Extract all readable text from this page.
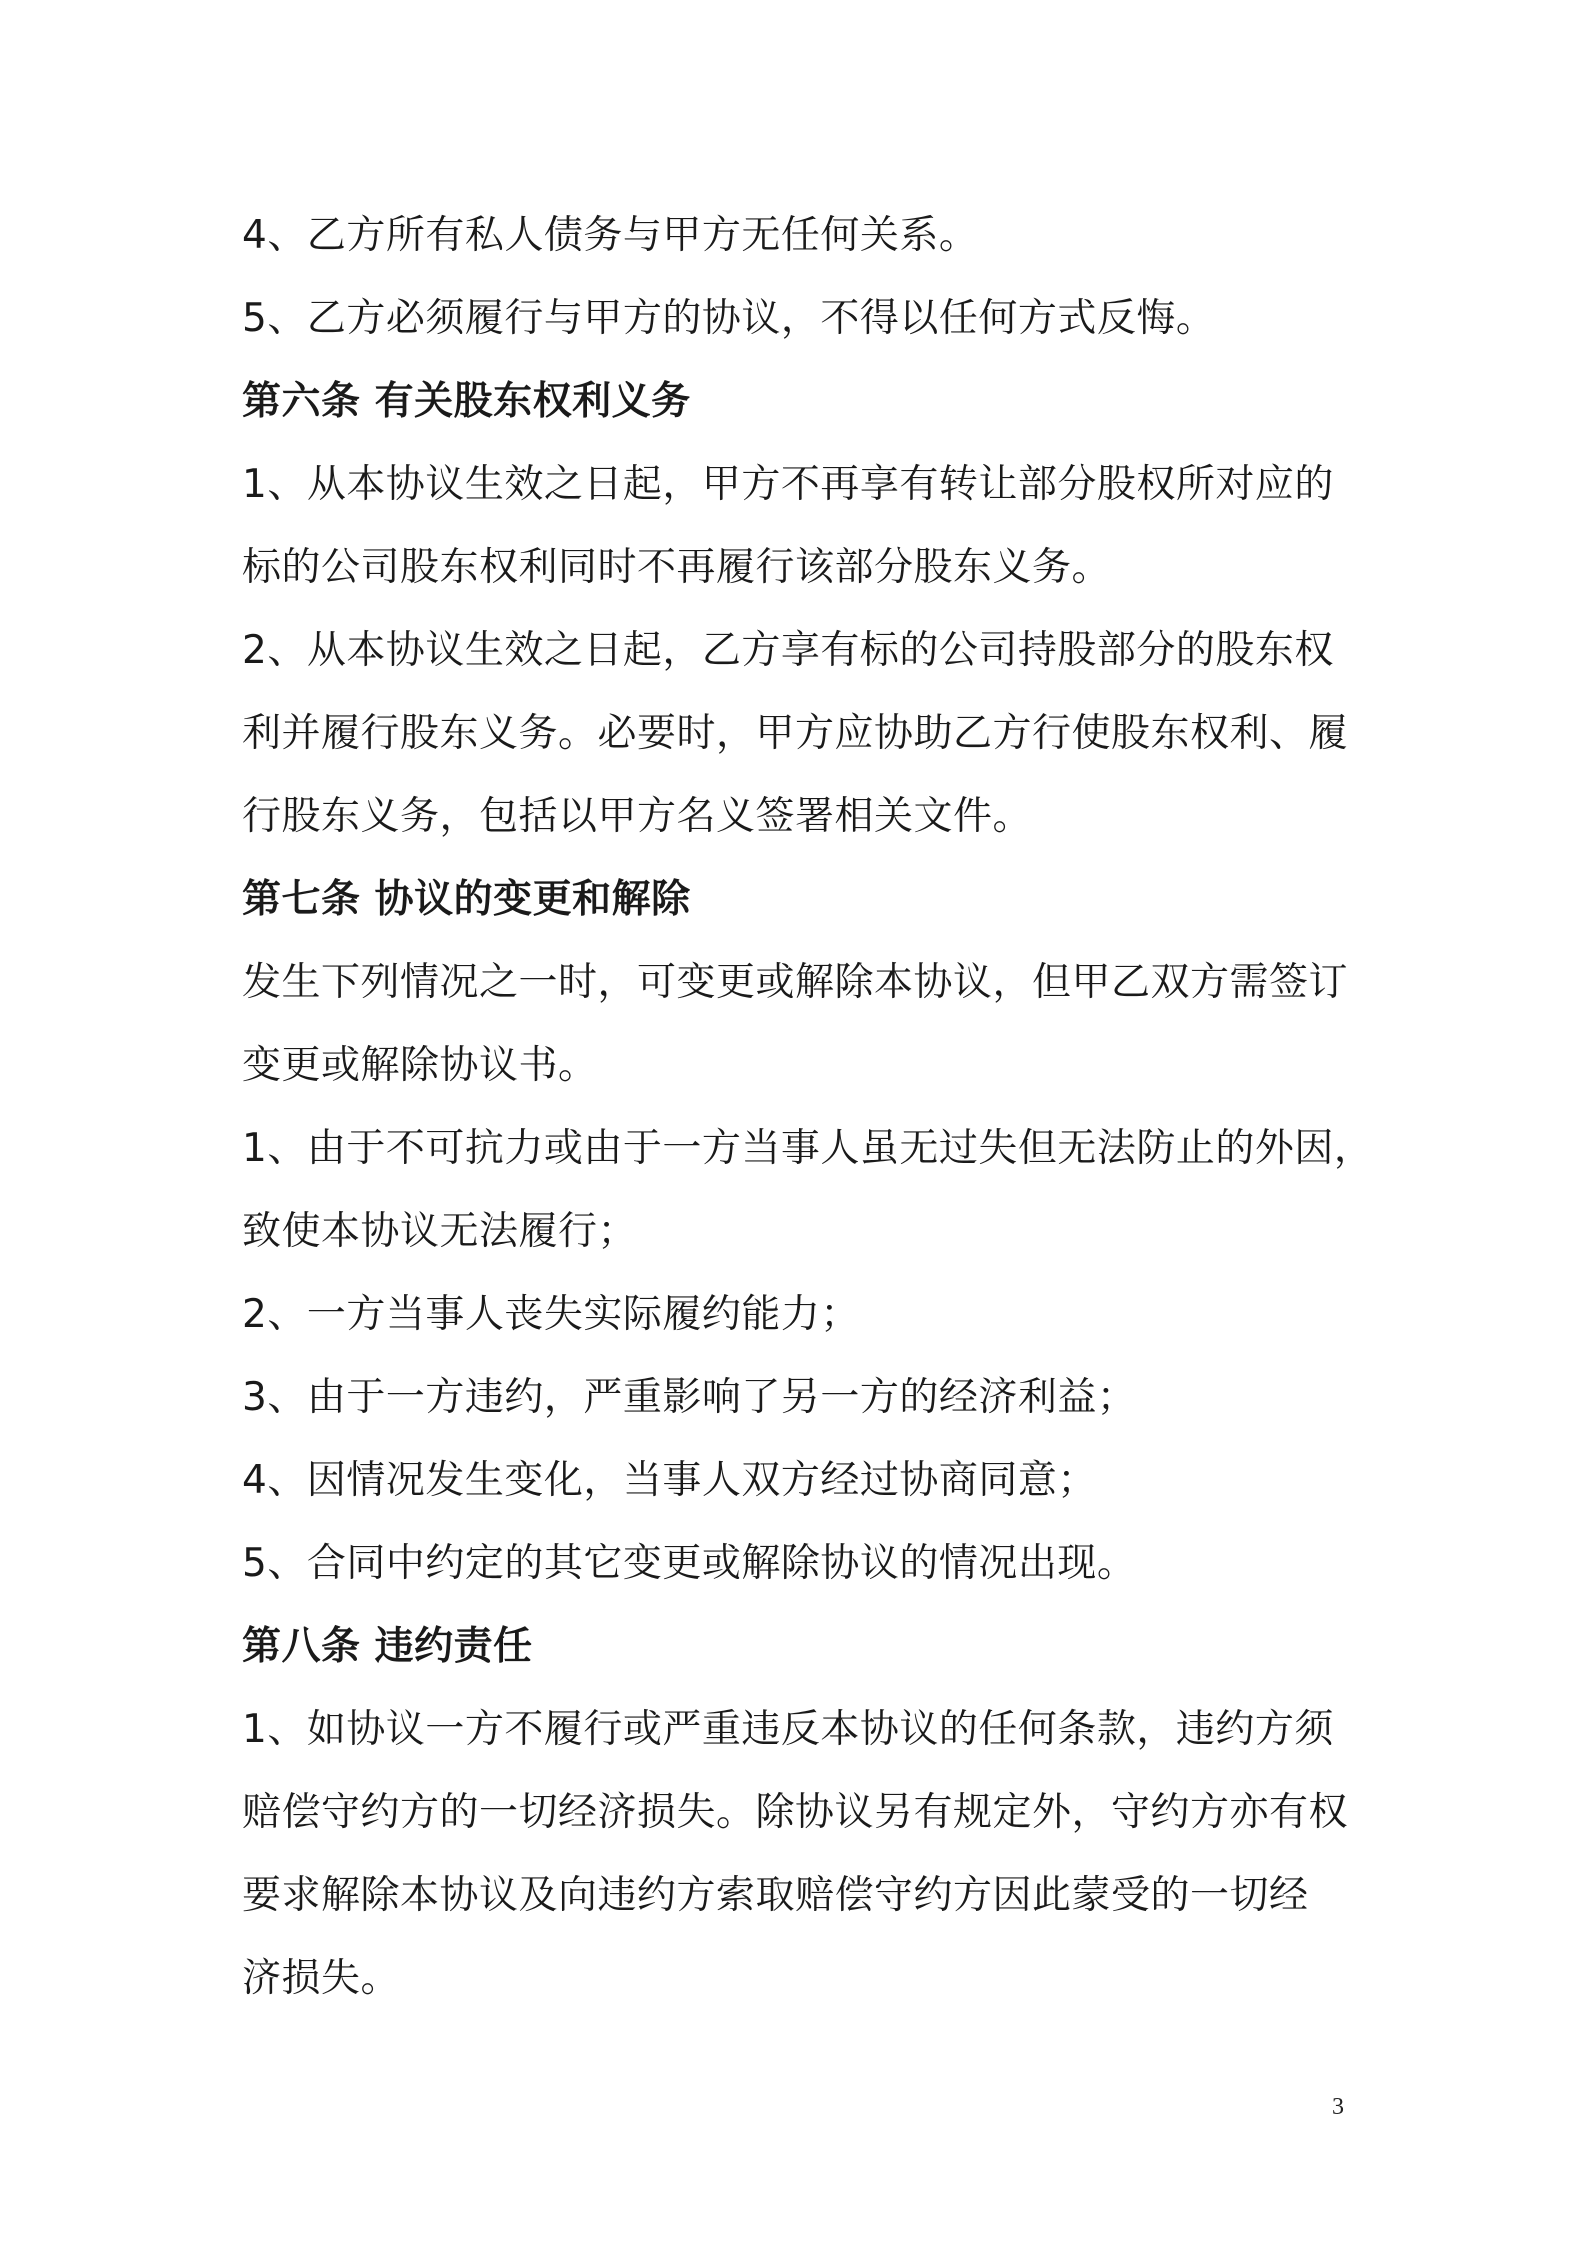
4、乙方所有私人债务与甲方无任何关系。
5、乙方必须履行与甲方的协议，不得以任何方式反悔。
第六条 有关股东权利义务
1、从本协议生效之日起，甲方不再享有转让部分股权所对应的
标的公司股东权利同时不再履行该部分股东义务。
2、从本协议生效之日起，乙方享有标的公司持股部分的股东权
利并履行股东义务。必要时，甲方应协助乙方行使股东权利、履
行股东义务，包括以甲方名义签署相关文件。
第七条 协议的变更和解除
发生下列情况之一时，可变更或解除本协议，但甲乙双方需签订
变更或解除协议书。
1、由于不可抗力或由于一方当事人虽无过失但无法防止的外因，
致使本协议无法履行；
2、一方当事人丧失实际履约能力；
3、由于一方违约，严重影响了另一方的经济利益；
4、因情况发生变化，当事人双方经过协商同意；
5、合同中约定的其它变更或解除协议的情况出现。
第八条 违约责任
1、如协议一方不履行或严重违反本协议的任何条款，违约方须
赔偿守约方的一切经济损失。除协议另有规定外，守约方亦有权
要求解除本协议及向违约方索取赔偿守约方因此蒙受的一切经
济损失。
3
